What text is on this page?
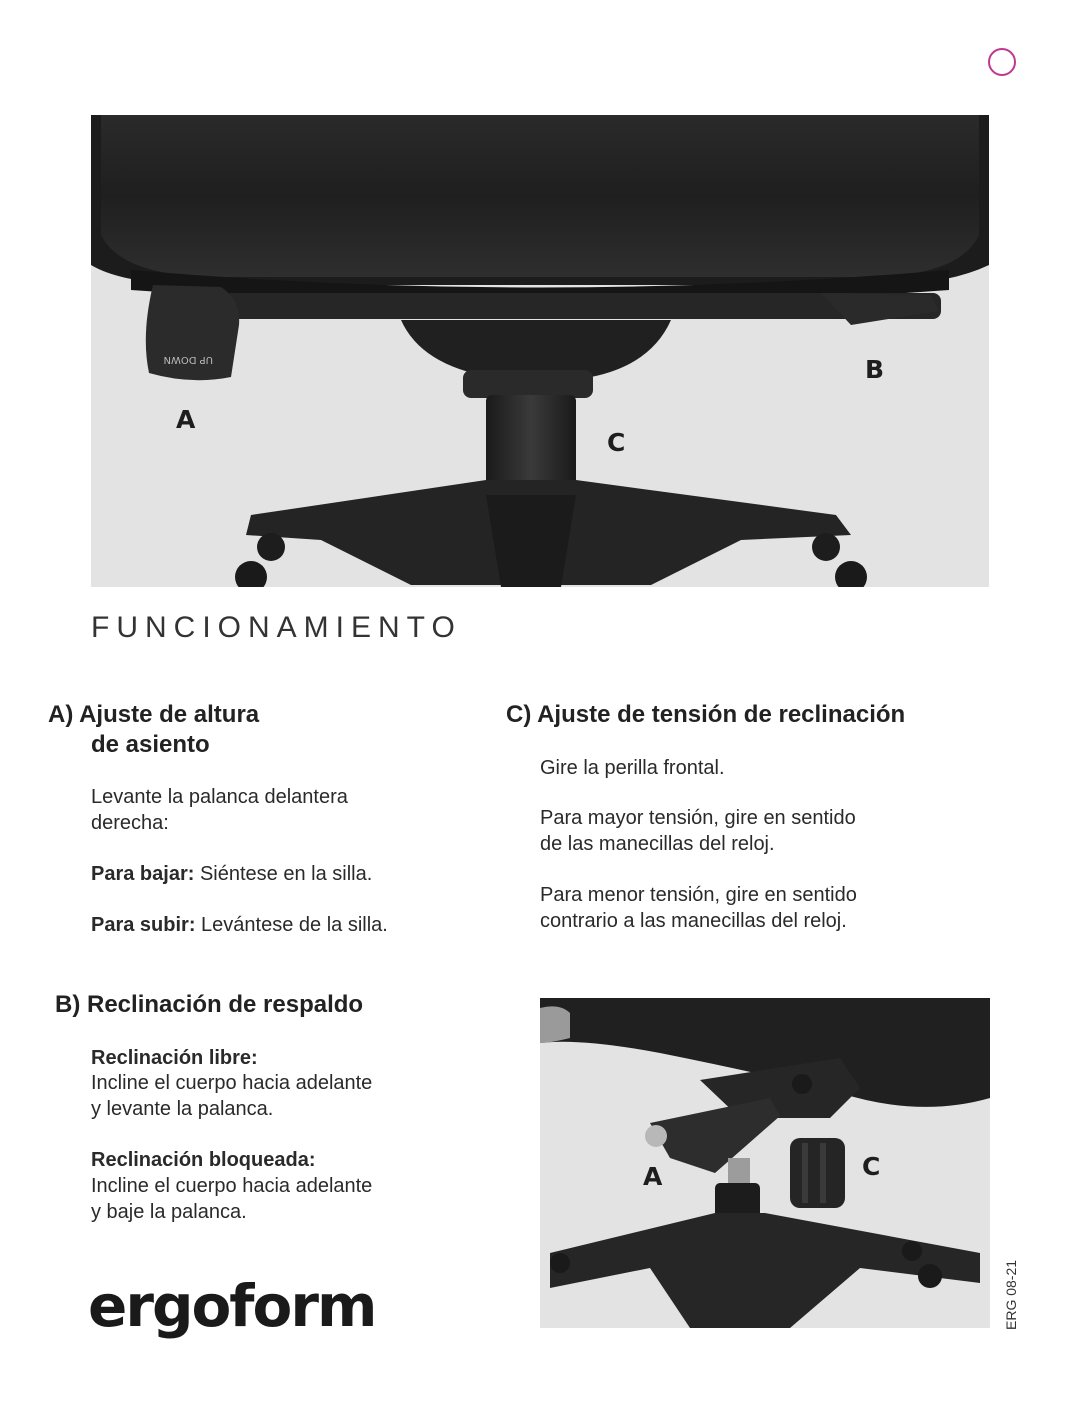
UP DOWN
A
B
C
FUNCIONAMIENTO
A) Ajuste de altura
de asiento
Levante la palanca delantera
derecha:
Para bajar: Siéntese en la silla.
Para subir: Levántese de la silla.
C) Ajuste de tensión de reclinación
Gire la perilla frontal.
Para mayor tensión, gire en sentido
de las manecillas del reloj.
Para menor tensión, gire en sentido
contrario a las manecillas del reloj.
B) Reclinación de respaldo
Reclinación libre:
Incline el cuerpo hacia adelante
y levante la palanca.
Reclinación bloqueada:
Incline el cuerpo hacia adelante
y baje la palanca.
A	C
ergoform	ERG 08-21
